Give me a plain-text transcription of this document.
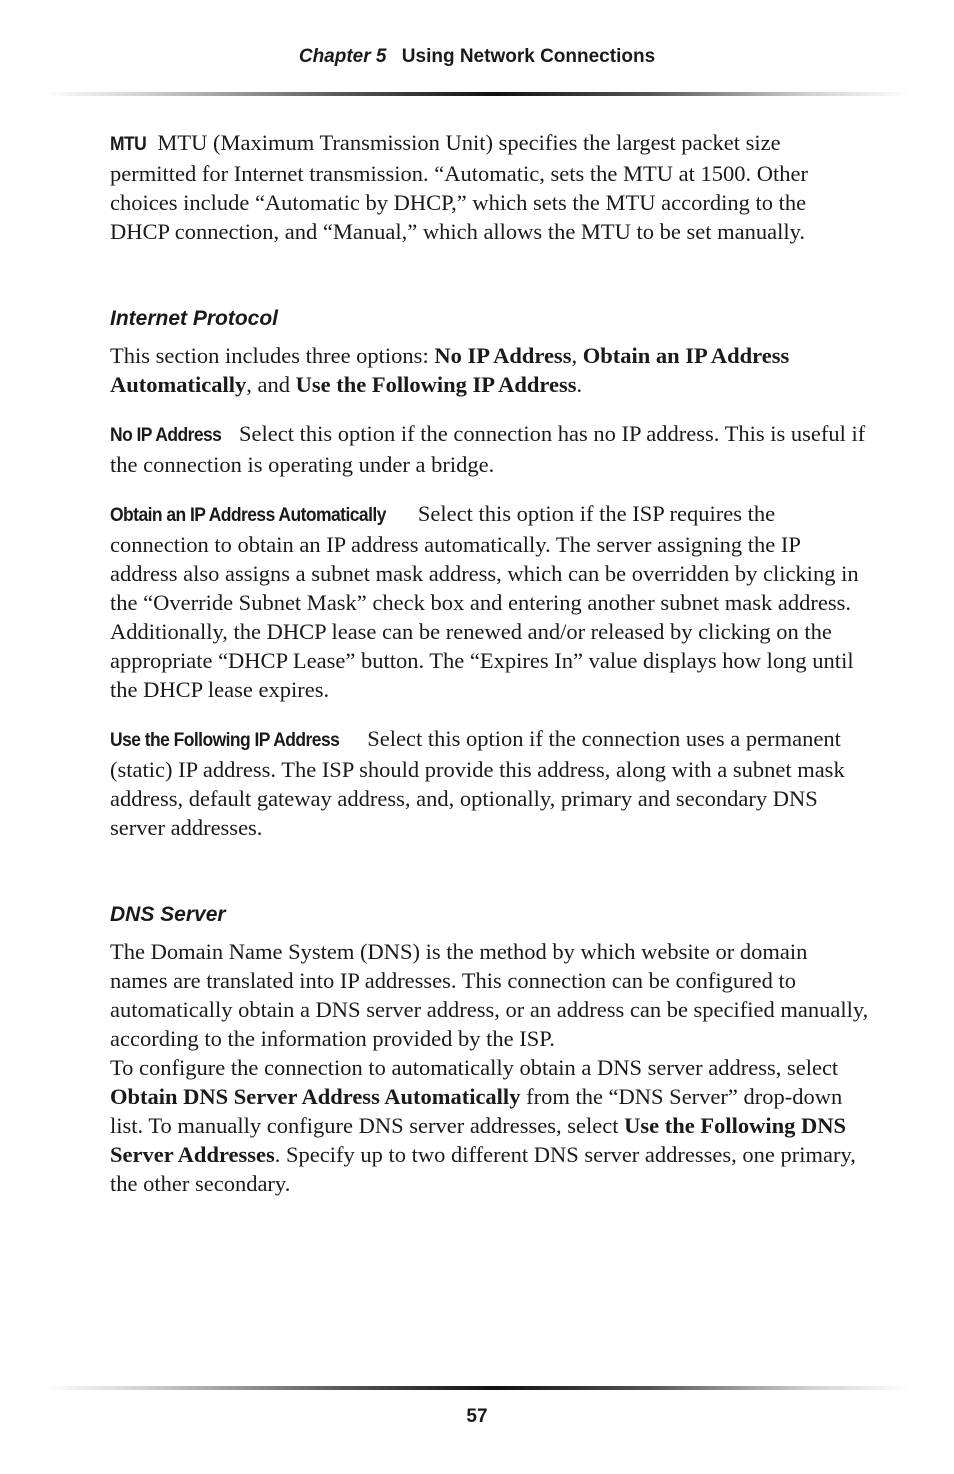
Chapter 5 Using Network Connections

MTU MTU (Maximum Transmission Unit) specifies the largest packet size permitted for Internet transmission. “Automatic, sets the MTU at 1500. Other choices include “Automatic by DHCP,” which sets the MTU according to the DHCP connection, and “Manual,” which allows the MTU to be set manually.

Internet Protocol

This section includes three options: No IP Address, Obtain an IP Address Automatically, and Use the Following IP Address.

No IP Address Select this option if the connection has no IP address. This is useful if the connection is operating under a bridge.

Obtain an IP Address Automatically Select this option if the ISP requires the connection to obtain an IP address automatically. The server assigning the IP address also assigns a subnet mask address, which can be overridden by clicking in the “Override Subnet Mask” check box and entering another subnet mask address. Additionally, the DHCP lease can be renewed and/or released by clicking on the appropriate “DHCP Lease” button. The “Expires In” value displays how long until the DHCP lease expires.

Use the Following IP Address Select this option if the connection uses a permanent (static) IP address. The ISP should provide this address, along with a subnet mask address, default gateway address, and, optionally, primary and secondary DNS server addresses.

DNS Server

The Domain Name System (DNS) is the method by which website or domain names are translated into IP addresses. This connection can be configured to automatically obtain a DNS server address, or an address can be specified manually, according to the information provided by the ISP.

To configure the connection to automatically obtain a DNS server address, select Obtain DNS Server Address Automatically from the “DNS Server” drop-down list. To manually configure DNS server addresses, select Use the Following DNS Server Addresses. Specify up to two different DNS server addresses, one primary, the other secondary.

57
